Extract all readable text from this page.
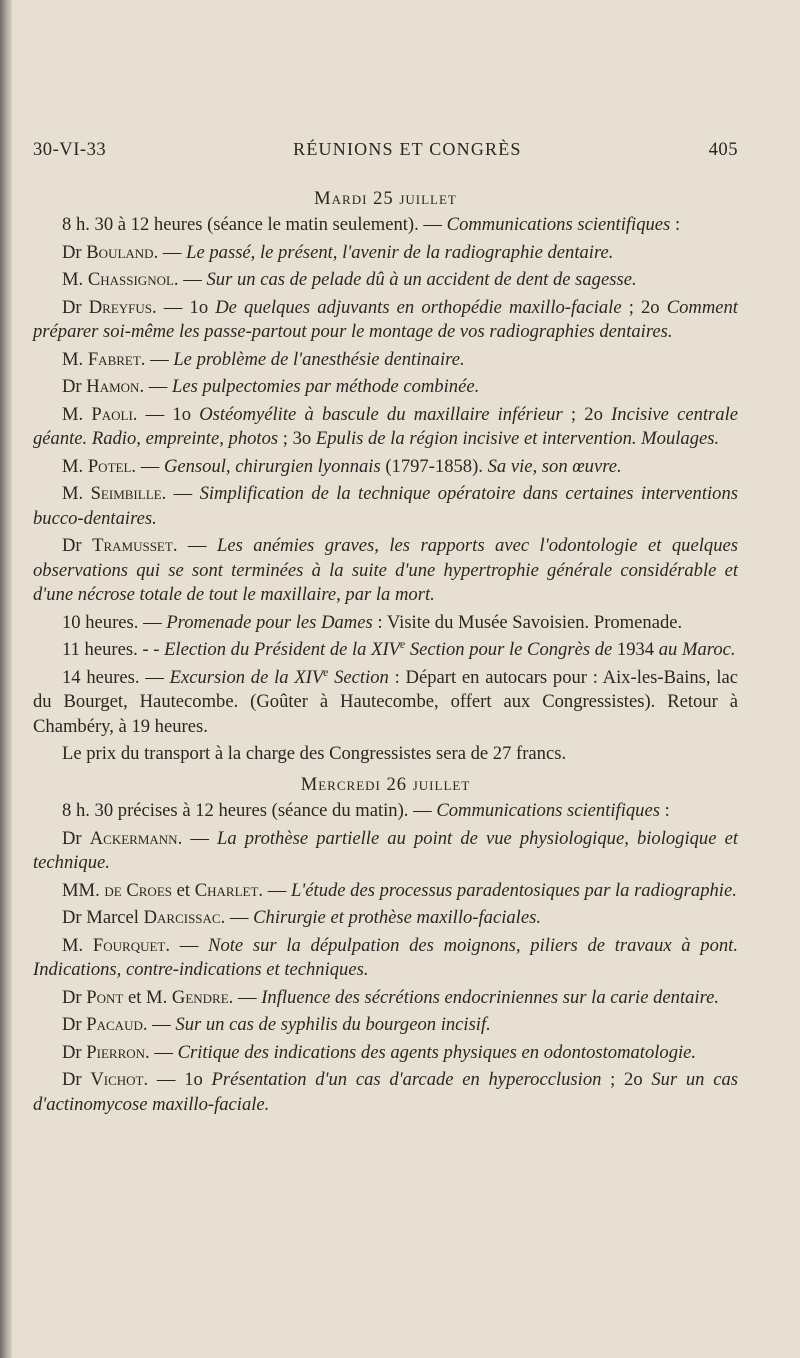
30-VI-33	RÉUNIONS ET CONGRÈS	405
Mardi 25 juillet

8 h. 30 à 12 heures (séance le matin seulement). — Communications scientifiques :

Dr Bouland. — Le passé, le présent, l'avenir de la radiographie dentaire.

M. Chassignol. — Sur un cas de pelade dû à un accident de dent de sagesse.

Dr Dreyfus. — 1o De quelques adjuvants en orthopédie maxillo-faciale ; 2o Comment préparer soi-même les passe-partout pour le montage de vos radiographies dentaires.

M. Fabret. — Le problème de l'anesthésie dentinaire.

Dr Hamon. — Les pulpectomies par méthode combinée.

M. Paoli. — 1o Ostéomyélite à bascule du maxillaire inférieur ; 2o Incisive centrale géante. Radio, empreinte, photos ; 3o Epulis de la région incisive et intervention. Moulages.

M. Potel. — Gensoul, chirurgien lyonnais (1797-1858). Sa vie, son œuvre.

M. Seimbille. — Simplification de la technique opératoire dans certaines interventions bucco-dentaires.

Dr Tramusset. — Les anémies graves, les rapports avec l'odontologie et quelques observations qui se sont terminées à la suite d'une hypertrophie générale considérable et d'une nécrose totale de tout le maxillaire, par la mort.

10 heures. — Promenade pour les Dames : Visite du Musée Savoisien. Promenade.

11 heures. - - Election du Président de la XIVe Section pour le Congrès de 1934 au Maroc.

14 heures. — Excursion de la XIVe Section : Départ en autocars pour : Aix-les-Bains, lac du Bourget, Hautecombe. (Goûter à Hautecombe, offert aux Congressistes). Retour à Chambéry, à 19 heures.

Le prix du transport à la charge des Congressistes sera de 27 francs.

Mercredi 26 juillet

8 h. 30 précises à 12 heures (séance du matin). — Communications scientifiques :

Dr Ackermann. — La prothèse partielle au point de vue physiologique, biologique et technique.

MM. de Croes et Charlet. — L'étude des processus paradentosiques par la radiographie.

Dr Marcel Darcissac. — Chirurgie et prothèse maxillo-faciales.

M. Fourquet. — Note sur la dépulpation des moignons, piliers de travaux à pont. Indications, contre-indications et techniques.

Dr Pont et M. Gendre. — Influence des sécrétions endocriniennes sur la carie dentaire.

Dr Pacaud. — Sur un cas de syphilis du bourgeon incisif.

Dr Pierron. — Critique des indications des agents physiques en odontostomatologie.

Dr Vichot. — 1o Présentation d'un cas d'arcade en hyperocclusion ; 2o Sur un cas d'actinomycose maxillo-faciale.
